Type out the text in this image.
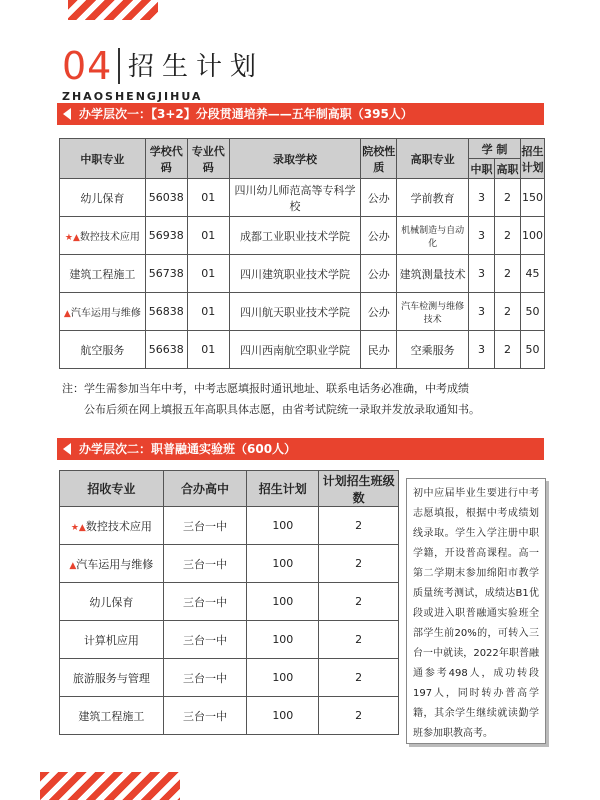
04 招生计划
ZHAOSHENGJIHUA
办学层次一：【3+2】分段贯通培养——五年制高职（395人）
中职专业	学校代码	专业代码	录取学校	院校性质	高职专业	学 制		招生计划
						中职	高职	
幼儿保育	56038	01	四川幼儿师范高等专科学校	公办	学前教育	3	2	150
★▲数控技术应用	56938	01	成都工业职业技术学院	公办	机械制造与自动化	3	2	100
建筑工程施工	56738	01	四川建筑职业技术学院	公办	建筑测量技术	3	2	45
▲汽车运用与维修	56838	01	四川航天职业技术学院	公办	汽车检测与维修技术	3	2	50
航空服务	56638	01	四川西南航空职业学院	民办	空乘服务	3	2	50

注：学生需参加当年中考，中考志愿填报时通讯地址、联系电话务必准确，中考成绩

公布后须在网上填报五年高职具体志愿，由省考试院统一录取并发放录取通知书。

办学层次二：职普融通实验班（600人）
招收专业	合办高中	招生计划	计划招生班级数
★▲数控技术应用	三台一中	100	2
▲汽车运用与维修	三台一中	100	2
幼儿保育	三台一中	100	2
计算机应用	三台一中	100	2
旅游服务与管理	三台一中	100	2
建筑工程施工	三台一中	100	2
初中应届毕业生要进行中考志愿填报，根据中考成绩划线录取。学生入学注册中职学籍，开设普高课程。高一第二学期末参加绵阳市教学质量统考测试，成绩达B1优段或进入职普融通实验班全部学生前20%的，可转入三台一中就读，2022年职普融通参考498人，成功转段197人，同时转办普高学籍，其余学生继续就读勤学班参加职教高考。
